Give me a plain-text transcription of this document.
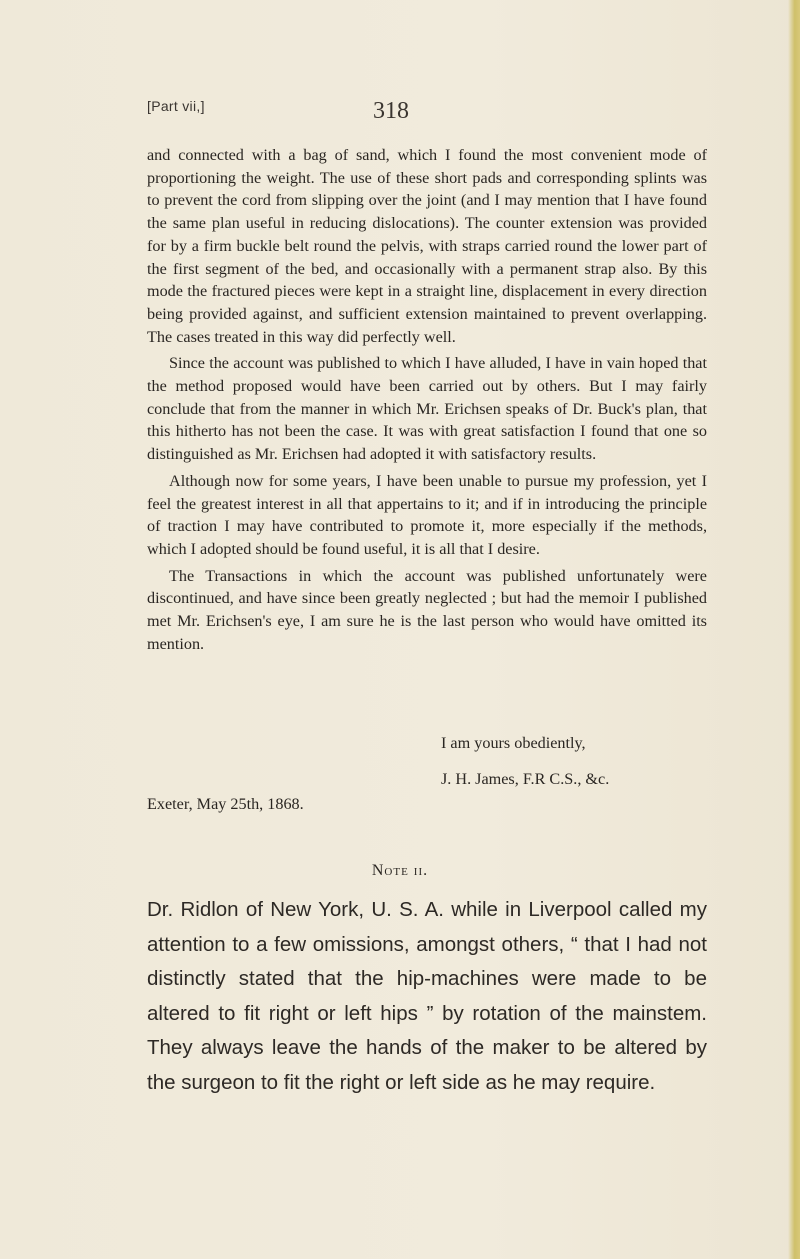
[Part vii,]	318

and connected with a bag of sand, which I found the most convenient mode of proportioning the weight. The use of these short pads and corresponding splints was to prevent the cord from slipping over the joint (and I may mention that I have found the same plan useful in reducing dislocations). The counter extension was provided for by a firm buckle belt round the pelvis, with straps carried round the lower part of the first segment of the bed, and occasionally with a permanent strap also. By this mode the fractured pieces were kept in a straight line, displacement in every direction being provided against, and sufficient extension maintained to prevent overlapping. The cases treated in this way did perfectly well.

Since the account was published to which I have alluded, I have in vain hoped that the method proposed would have been carried out by others. But I may fairly conclude that from the manner in which Mr. Erichsen speaks of Dr. Buck's plan, that this hitherto has not been the case. It was with great satisfaction I found that one so distinguished as Mr. Erichsen had adopted it with satisfactory results.

Although now for some years, I have been unable to pursue my profession, yet I feel the greatest interest in all that appertains to it; and if in introducing the principle of traction I may have contributed to promote it, more especially if the methods, which I adopted should be found useful, it is all that I desire.

The Transactions in which the account was published unfortunately were discontinued, and have since been greatly neglected ; but had the memoir I published met Mr. Erichsen's eye, I am sure he is the last person who would have omitted its mention.

I am yours obediently,
J. H. James, F.R C.S., &c.
Exeter, May 25th, 1868.
Note ii.

Dr. Ridlon of New York, U. S. A. while in Liverpool called my attention to a few omissions, amongst others, “ that I had not distinctly stated that the hip-machines were made to be altered to fit right or left hips ” by rotation of the mainstem. They always leave the hands of the maker to be altered by the surgeon to fit the right or left side as he may require.
